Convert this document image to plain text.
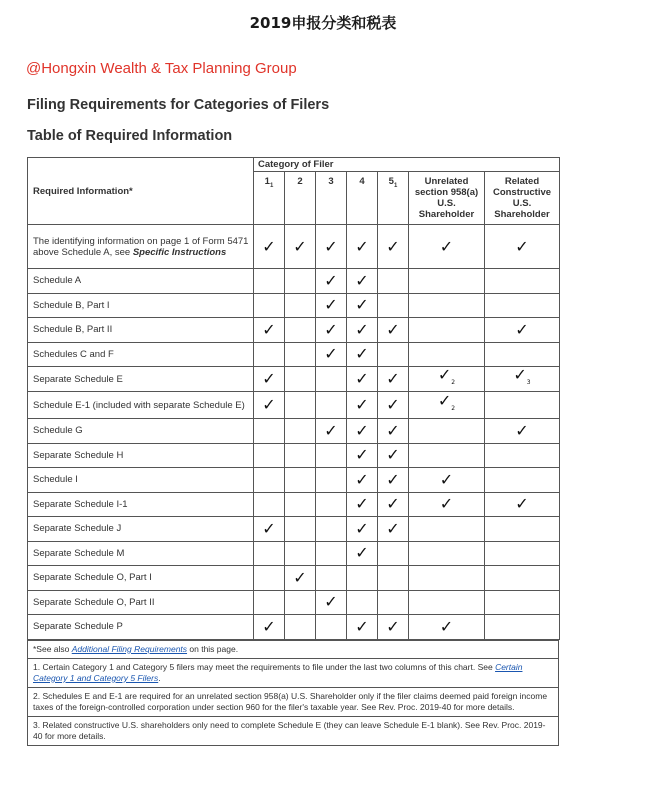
2019申报分类和税表
@Hongxin Wealth & Tax Planning Group
Filing Requirements for Categories of Filers
Table of Required Information
Required Information*	Category of Filer						
	$1_1$	2	3	4	$5_1$	Unrelated section 958(a) U.S. Shareholder	Related Constructive U.S. Shareholder
The identifying information on page 1 of Form 5471 above Schedule A, see Specific Instructions	✓	✓	✓	✓	✓	✓	✓
Schedule A			✓	✓			
Schedule B, Part I			✓	✓			
Schedule B, Part II	✓		✓	✓	✓		✓
Schedules C and F			✓	✓			
Separate Schedule E	✓			✓	✓	$✓_2$	$✓_3$
Schedule E-1 (included with separate Schedule E)	✓			✓	✓	$✓_2$	
Schedule G			✓	✓	✓		✓
Separate Schedule H				✓	✓		
Schedule I				✓	✓	✓	
Separate Schedule I-1				✓	✓	✓	✓
Separate Schedule J	✓			✓	✓		
Separate Schedule M				✓			
Separate Schedule O, Part I		✓					
Separate Schedule O, Part II			✓				
Separate Schedule P	✓			✓	✓	✓	
*See also Additional Filing Requirements on this page.
1. Certain Category 1 and Category 5 filers may meet the requirements to file under the last two columns of this chart. See Certain Category 1 and Category 5 Filers.
2. Schedules E and E-1 are required for an unrelated section 958(a) U.S. Shareholder only if the filer claims deemed paid foreign income taxes of the foreign-controlled corporation under section 960 for the filer's taxable year. See Rev. Proc. 2019-40 for more details.
3. Related constructive U.S. shareholders only need to complete Schedule E (they can leave Schedule E-1 blank). See Rev. Proc. 2019-40 for more details.
